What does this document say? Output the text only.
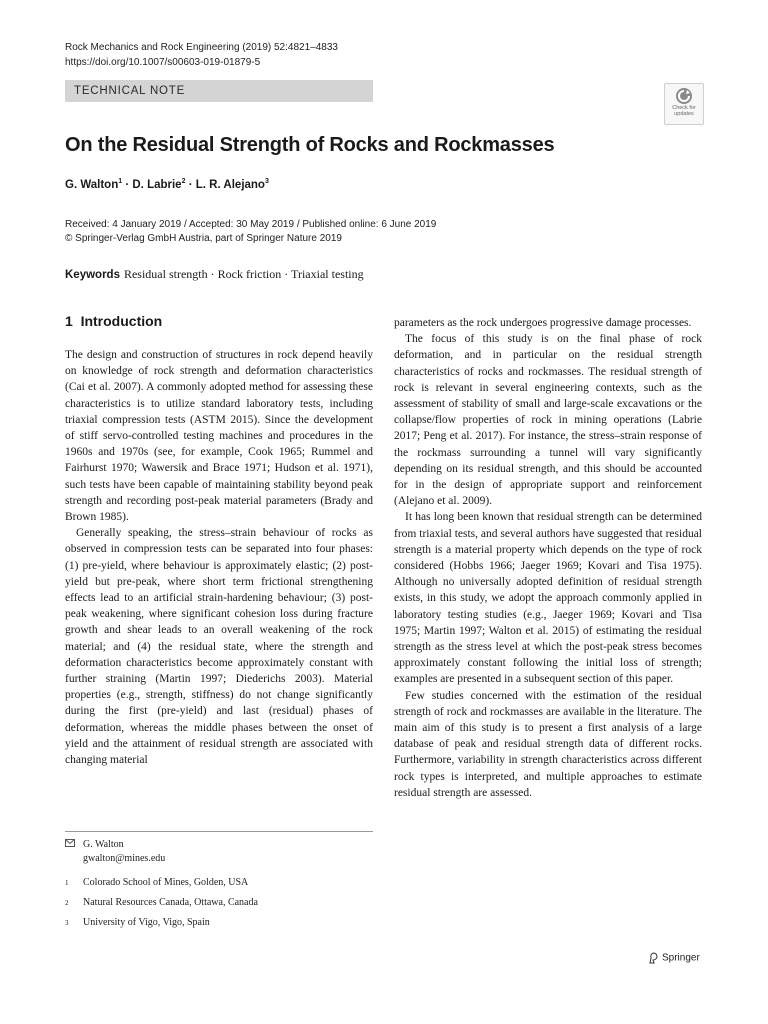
Rock Mechanics and Rock Engineering (2019) 52:4821–4833
https://doi.org/10.1007/s00603-019-01879-5
TECHNICAL NOTE
Check for
updates
On the Residual Strength of Rocks and Rockmasses
G. Walton$^1$ · D. Labrie$^2$ · L. R. Alejano$^3$
Received: 4 January 2019 / Accepted: 30 May 2019 / Published online: 6 June 2019
© Springer-Verlag GmbH Austria, part of Springer Nature 2019
Keywords Residual strength · Rock friction · Triaxial testing
1 Introduction

The design and construction of structures in rock depend heavily on knowledge of rock strength and deformation characteristics (Cai et al. 2007). A commonly adopted method for assessing these characteristics is to utilize standard laboratory tests, including triaxial compression tests (ASTM 2015). Since the development of stiff servo-controlled testing machines and procedures in the 1960s and 1970s (see, for example, Cook 1965; Rummel and Fairhurst 1970; Wawersik and Brace 1971; Hudson et al. 1971), such tests have been capable of maintaining stability beyond peak strength and recording post-peak material parameters (Brady and Brown 1985).

Generally speaking, the stress–strain behaviour of rocks as observed in compression tests can be separated into four phases: (1) pre-yield, where behaviour is approximately elastic; (2) post-yield but pre-peak, where short term frictional strengthening effects lead to an artificial strain-hardening behaviour; (3) post-peak weakening, where significant cohesion loss during fracture growth and shear leads to an overall weakening of the rock material; and (4) the residual state, where the strength and deformation characteristics become approximately constant with further straining (Martin 1997; Diederichs 2003). Material properties (e.g., strength, stiffness) do not change significantly during the first (pre-yield) and last (residual) phases of deformation, whereas the middle phases between the onset of yield and the attainment of residual strength are associated with changing material

parameters as the rock undergoes progressive damage processes.

The focus of this study is on the final phase of rock deformation, and in particular on the residual strength characteristics of rocks and rockmasses. The residual strength of rock is relevant in several engineering contexts, such as the assessment of stability of small and large-scale excavations or the collapse/flow properties of rock in mining operations (Labrie 2017; Peng et al. 2017). For instance, the stress–strain response of the rockmass surrounding a tunnel will vary significantly depending on its residual strength, and this should be accounted for in the design of appropriate support and reinforcement (Alejano et al. 2009).

It has long been known that residual strength can be determined from triaxial tests, and several authors have suggested that residual strength is a material property which depends on the type of rock considered (Hobbs 1966; Jaeger 1969; Kovari and Tisa 1975). Although no universally adopted definition of residual strength exists, in this study, we adopt the approach commonly applied in laboratory testing studies (e.g., Jaeger 1969; Kovari and Tisa 1975; Martin 1997; Walton et al. 2015) of estimating the residual strength as the stress level at which the post-peak stress becomes approximately constant following the initial loss of strength; examples are presented in a subsequent section of this paper.

Few studies concerned with the estimation of the residual strength of rock and rockmasses are available in the literature. The main aim of this study is to present a first analysis of a large database of peak and residual strength data of different rocks. Furthermore, variability in strength characteristics across different rock types is interpreted, and multiple approaches to estimate residual strength are assessed.

G. Walton
gwalton@mines.edu
1 Colorado School of Mines, Golden, USA
2 Natural Resources Canada, Ottawa, Canada
3 University of Vigo, Vigo, Spain
Springer
